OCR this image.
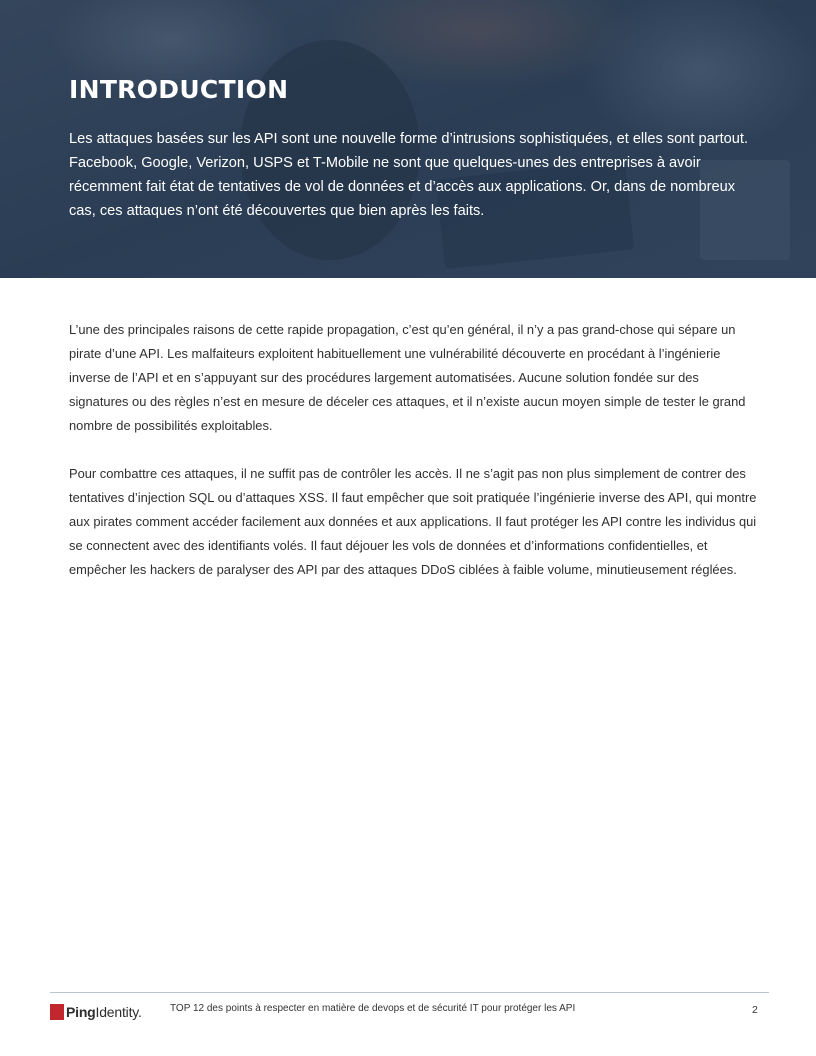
INTRODUCTION

Les attaques basées sur les API sont une nouvelle forme d’intrusions sophistiquées, et elles sont partout. Facebook, Google, Verizon, USPS et T-Mobile ne sont que quelques-unes des entreprises à avoir récemment fait état de tentatives de vol de données et d’accès aux applications. Or, dans de nombreux cas, ces attaques n’ont été découvertes que bien après les faits.

L’une des principales raisons de cette rapide propagation, c’est qu’en général, il n’y a pas grand-chose qui sépare un pirate d’une API. Les malfaiteurs exploitent habituellement une vulnérabilité découverte en procédant à l’ingénierie inverse de l’API et en s’appuyant sur des procédures largement automatisées. Aucune solution fondée sur des signatures ou des règles n’est en mesure de déceler ces attaques, et il n’existe aucun moyen simple de tester le grand nombre de possibilités exploitables.

Pour combattre ces attaques, il ne suffit pas de contrôler les accès. Il ne s’agit pas non plus simplement de contrer des tentatives d’injection SQL ou d’attaques XSS. Il faut empêcher que soit pratiquée l’ingénierie inverse des API, qui montre aux pirates comment accéder facilement aux données et aux applications. Il faut protéger les API contre les individus qui se connectent avec des identifiants volés. Il faut déjouer les vols de données et d’informations confidentielles, et empêcher les hackers de paralyser des API par des attaques DDoS ciblées à faible volume, minutieusement réglées.

PingIdentity.	TOP 12 des points à respecter en matière de devops et de sécurité IT pour protéger les API	2
